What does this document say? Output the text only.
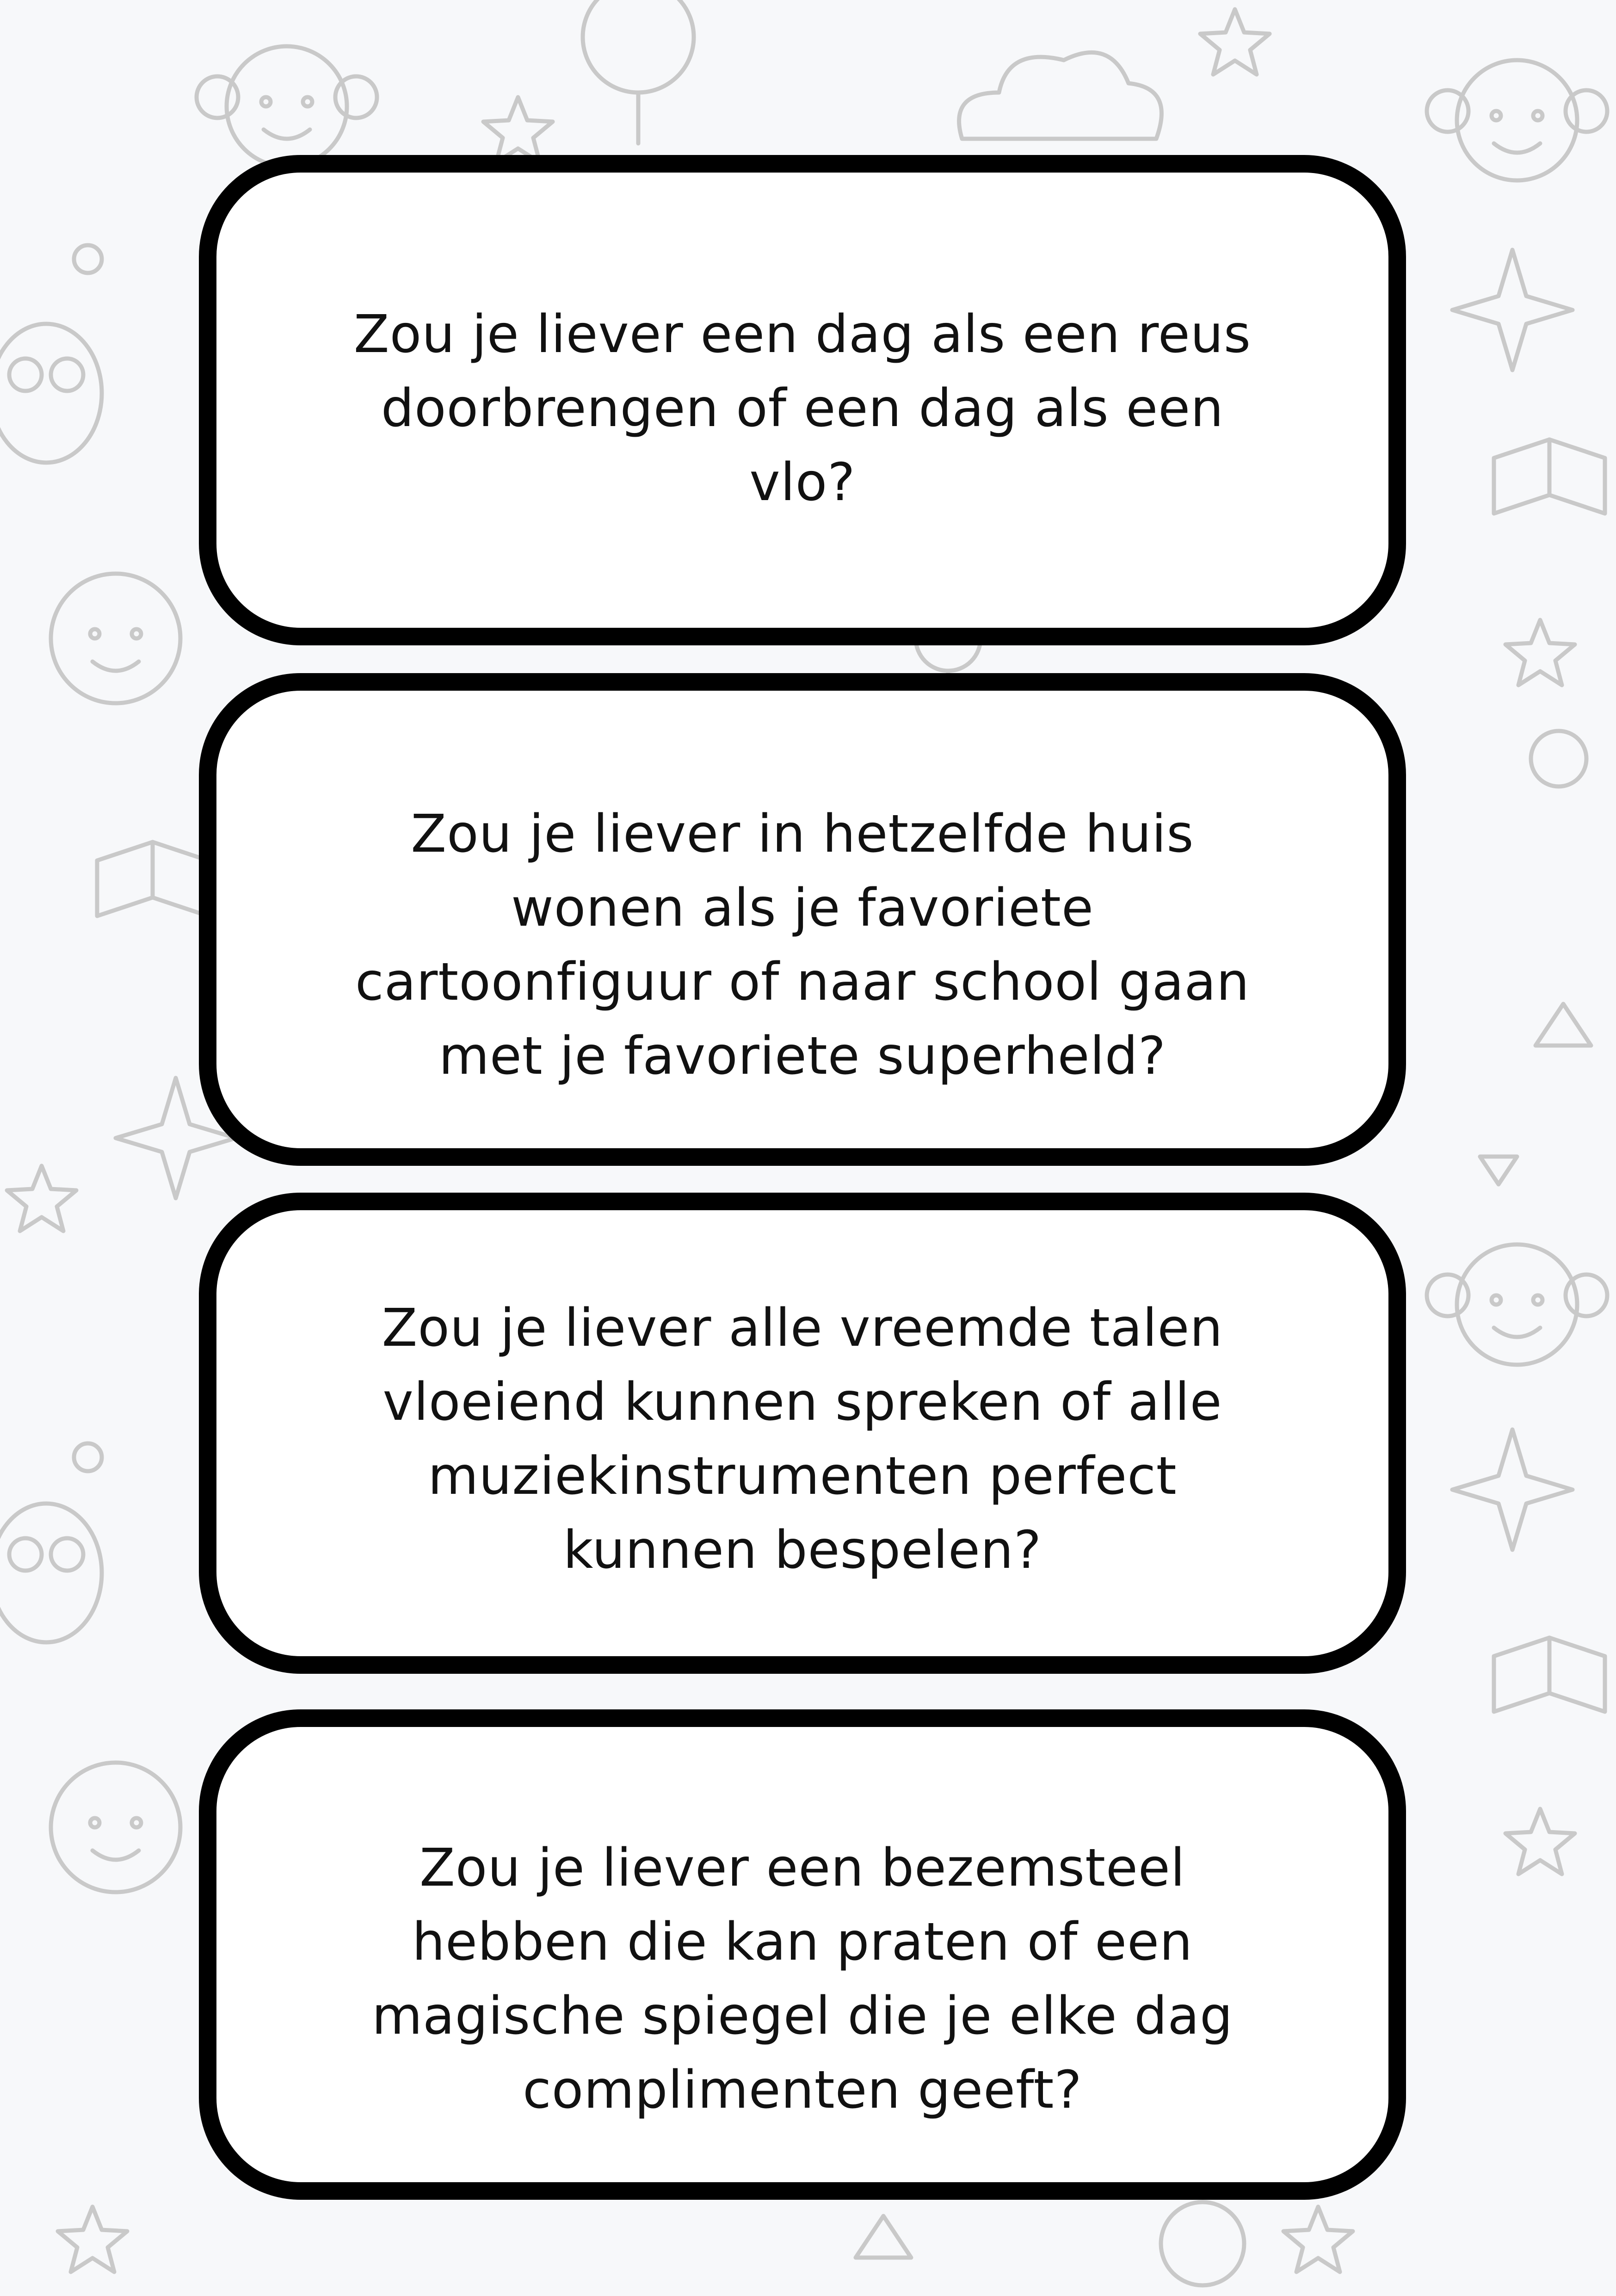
Zou je liever een dag als een reus doorbrengen of een dag als een vlo?

Zou je liever in hetzelfde huis wonen als je favoriete cartoonfiguur of naar school gaan met je favoriete superheld?

Zou je liever alle vreemde talen vloeiend kunnen spreken of alle muziekinstrumenten perfect kunnen bespelen?

Zou je liever een bezemsteel hebben die kan praten of een magische spiegel die je elke dag complimenten geeft?
